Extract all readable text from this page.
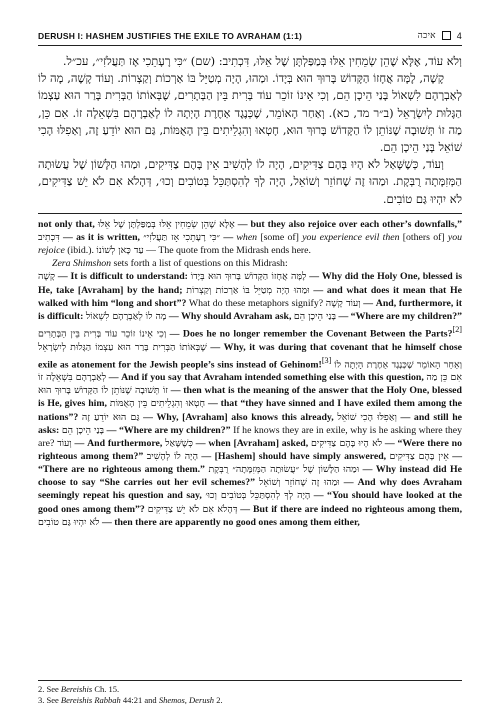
DERUSH I: HASHEM JUSTIFIES THE EXILE TO AVRAHAM (1:1)	איכה 4

וְלֹא עוֹד, אֶלָּא שֶׁהֵן שְׂמֵחִין אֵלּוּ בְּמַפַּלְתָּן שֶׁל אֵלּוּ, דִּכְתִיב: (שם) ״כִּי רָעָתֵכִי אָז תַּעֲלֹזִי״, עכ״ל.

קָשֶׁה, לָמָּה אֲחָזוֹ הַקָּדוֹשׁ בָּרוּךְ הוּא בְּיָדוֹ. וּמַהוּ, הָיָה מְטַיֵּל בּוֹ אַרְכוֹת וְקַצְרוֹת. וְעוֹד קָשֶׁה, מָה לוֹ לְאַבְרָהָם לִשְׁאוֹל בָּנַי הֵיכָן הֵם, וְכִי אֵינוֹ זוֹכֵר עוֹד בְּרִית בֵּין הַבְּתָרִים, שֶׁבְּאוֹתוֹ הַבְּרִית בָּרַר הוּא עַצְמוֹ הַגָּלוּת לְיִשְׂרָאֵל (ב״ר מד, כא). וְאַחַר הָאוֹמֵר, שֶׁכְּנֶגֶד אַחֶרֶת הָיְתָה לוֹ לְאַבְרָהָם בִּשְׁאֵלָה זוֹ. אִם כֵּן, מַה זוֹ תְּשׁוּבָה שֶׁנּוֹתֵן לוֹ הַקָּדוֹשׁ בָּרוּךְ הוּא, חָטְאוּ וְהִגְלֵיתִים בֵּין הָאֻמּוֹת, גַּם הוּא יוֹדֵעַ זֶה, וְאַפִלּוּ הָכִי שׁוֹאֵל בָּנַי הֵיכָן הֵם.

וְעוֹד, כְּשֶׁשָּׁאַל לֹא הָיוּ בָּהֶם צַדִּיקִים, הָיָה לוֹ לְהָשִׁיב אֵין בָּהֶם צַדִּיקִים, וּמַהוּ הַלָּשׁוֹן שֶׁל עֲשׂוּתָה הַמְּזִמָּתָה רֻבְּקָת. וּמַהוּ זֶה שֶׁחוֹזֵר וְשׁוֹאֵל, הָיָה לְךָ לְהִסְתַּכֵּל בְּטוֹבִים וְכוּ׳, דְּהָלֹא אִם לֹא יֵשׁ צַדִּיקִים, לֹא יִהְיוּ גַּם טוֹבִים.

not only that, אֶלָּא שֶׁהֵן שְׂמֵחִין אֵלּוּ בְּמַפַּלְתָּן שֶׁל אֵלּוּ — but they also rejoice over each other’s downfalls,” דִּכְתִיב — as it is written, ״כִּי רָעָתֵכִי אָז תַּעֲלֹזִי״ — when [some of] you experience evil then [others of] you rejoice (ibid.). עַד כָּאן לְשׁוֹנוֹ — The quote from the Midrash ends here.

Zera Shimshon sets forth a list of questions on this Midrash:

קָשֶׁה — It is difficult to understand: לָמָּה אֲחָזוֹ הַקָּדוֹשׁ בָּרוּךְ הוּא בְּיָדוֹ — Why did the Holy One, blessed is He, take [Avraham] by the hand; וּמַהוּ הָיָה מְטַיֵּל בּוֹ אַרְכוֹת וְקַצְרוֹת — and what does it mean that He walked with him “long and short”? What do these metaphors signify? וְעוֹד קָשֶׁה — And, furthermore, it is difficult: מָה לוֹ לְאַבְרָהָם לִשְׁאוֹל — Why should Avraham ask, בָּנַי הֵיכָן הֵם — “Where are my children?” וְכִי אֵינוֹ זוֹכֵר עוֹד בְּרִית בֵּין הַבְּתָרִים — Does he no longer remember the Covenant Between the Parts?[2] שֶׁבְּאוֹתוֹ הַבְּרִית בָּרַר הוּא עַצְמוֹ הַגָּלוּת לְיִשְׂרָאֵל — Why, it was during that covenant that he himself chose exile as atonement for the Jewish people’s sins instead of Gehinom![3] וְאַחַר הָאוֹמֵר שֶׁכְּנֶגֶד אַחֶרֶת הָיְתָה לוֹ לְאַבְרָהָם בִּשְׁאֵלָה זוֹ — And if you say that Avraham intended something else with this question, אִם כֵּן מַה זוֹ תְּשׁוּבָה שֶׁנּוֹתֵן לוֹ הַקָּדוֹשׁ בָּרוּךְ הוּא — then what is the meaning of the answer that the Holy One, blessed is He, gives him, חָטְאוּ וְהִגְלֵיתִים בֵּין הָאֻמּוֹת — that “they have sinned and I have exiled them among the nations”? גַּם הוּא יוֹדֵעַ זֶה — Why, [Avraham] also knows this already, וְאַפִלּוּ הָכִי שׁוֹאֵל — and still he asks: בָּנַי הֵיכָן הֵם — “Where are my children?” If he knows they are in exile, why is he asking where they are? וְעוֹד — And furthermore, כְּשֶׁשָּׁאַל — when [Avraham] asked, לֹא הָיוּ בָּהֶם צַדִּיקִים — “Were there no righteous among them?” הָיָה לוֹ לְהָשִׁיב — [Hashem] should have simply answered, אֵין בָּהֶם צַדִּיקִים — “There are no righteous among them.” וּמַהוּ הַלָּשׁוֹן שֶׁל ״עֲשׂוּתָה הַמְּזִמָּתָה״ רֻבְּקָת — Why instead did He choose to say “She carries out her evil schemes?” וּמַהוּ זֶה שֶׁחוֹזֵר וְשׁוֹאֵל — And why does Avraham seemingly repeat his question and say, הָיָה לְךָ לְהִסְתַּכֵּל בְּטוֹבִים וְכוּ׳ — “You should have looked at the good ones among them”? דְּהָלֹא אִם לֹא יֵשׁ צַדִּיקִים — But if there are indeed no righteous among them, לֹא יִהְיוּ גַּם טוֹבִים — then there are apparently no good ones among them either,

2. See Bereishis Ch. 15.

3. See Bereishis Rabbah 44:21 and Shemos, Derush 2.
